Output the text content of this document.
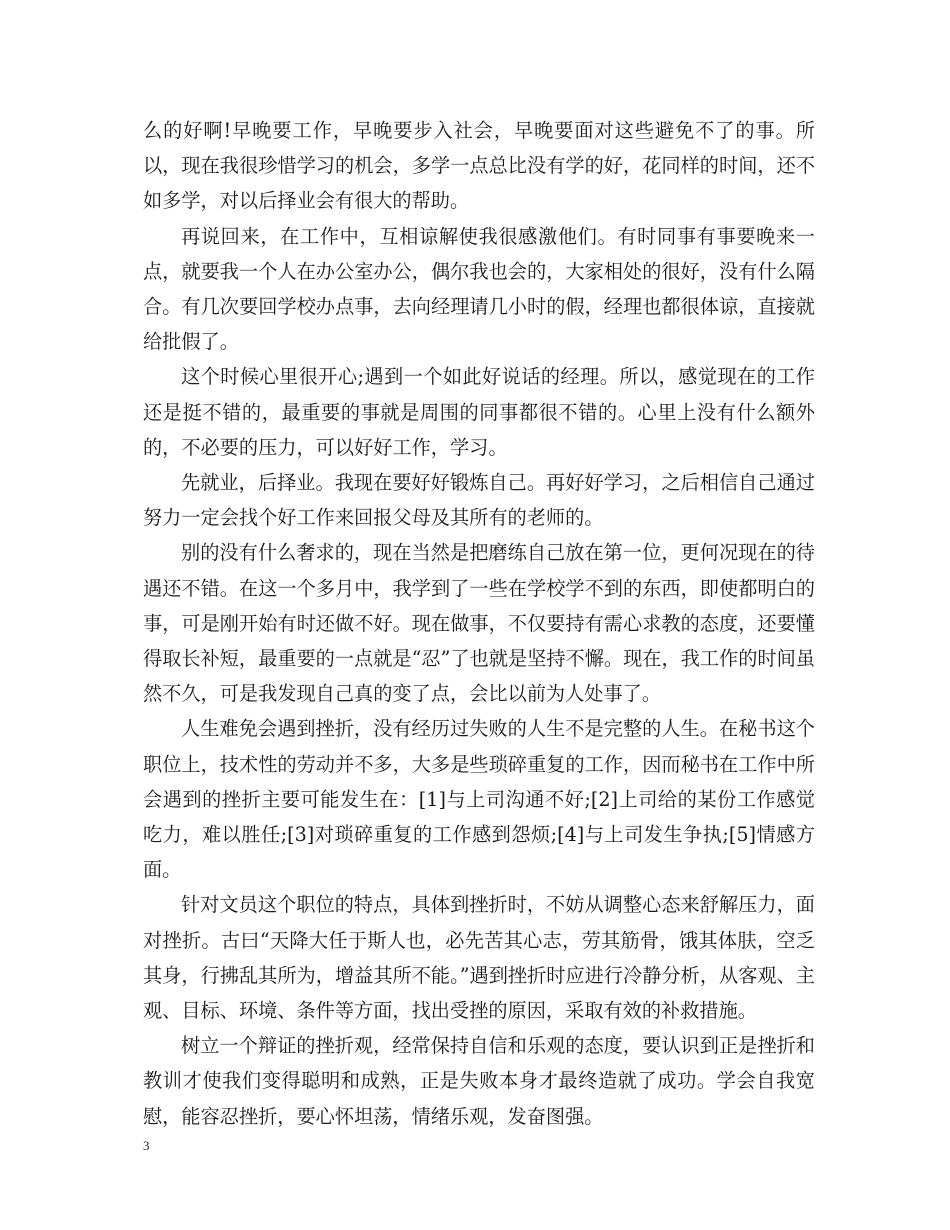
么的好啊!早晚要工作，早晚要步入社会，早晚要面对这些避免不了的事。所以，现在我很珍惜学习的机会，多学一点总比没有学的好，花同样的时间，还不如多学，对以后择业会有很大的帮助。

再说回来，在工作中，互相谅解使我很感激他们。有时同事有事要晚来一点，就要我一个人在办公室办公，偶尔我也会的，大家相处的很好，没有什么隔合。有几次要回学校办点事，去向经理请几小时的假，经理也都很体谅，直接就给批假了。

这个时候心里很开心;遇到一个如此好说话的经理。所以，感觉现在的工作还是挺不错的，最重要的事就是周围的同事都很不错的。心里上没有什么额外的，不必要的压力，可以好好工作，学习。

先就业，后择业。我现在要好好锻炼自己。再好好学习，之后相信自己通过努力一定会找个好工作来回报父母及其所有的老师的。

别的没有什么奢求的，现在当然是把磨练自己放在第一位，更何况现在的待遇还不错。在这一个多月中，我学到了一些在学校学不到的东西，即使都明白的事，可是刚开始有时还做不好。现在做事，不仅要持有需心求教的态度，还要懂得取长补短，最重要的一点就是“忍”了也就是坚持不懈。现在，我工作的时间虽然不久，可是我发现自己真的变了点，会比以前为人处事了。

人生难免会遇到挫折，没有经历过失败的人生不是完整的人生。在秘书这个职位上，技术性的劳动并不多，大多是些琐碎重复的工作，因而秘书在工作中所会遇到的挫折主要可能发生在：[1]与上司沟通不好;[2]上司给的某份工作感觉吃力，难以胜任;[3]对琐碎重复的工作感到怨烦;[4]与上司发生争执;[5]情感方面。

针对文员这个职位的特点，具体到挫折时，不妨从调整心态来舒解压力，面对挫折。古曰“天降大任于斯人也，必先苦其心志，劳其筋骨，饿其体肤，空乏其身，行拂乱其所为，增益其所不能。”遇到挫折时应进行冷静分析，从客观、主观、目标、环境、条件等方面，找出受挫的原因，采取有效的补救措施。

树立一个辩证的挫折观，经常保持自信和乐观的态度，要认识到正是挫折和教训才使我们变得聪明和成熟，正是失败本身才最终造就了成功。学会自我宽慰，能容忍挫折，要心怀坦荡，情绪乐观，发奋图强。

3
